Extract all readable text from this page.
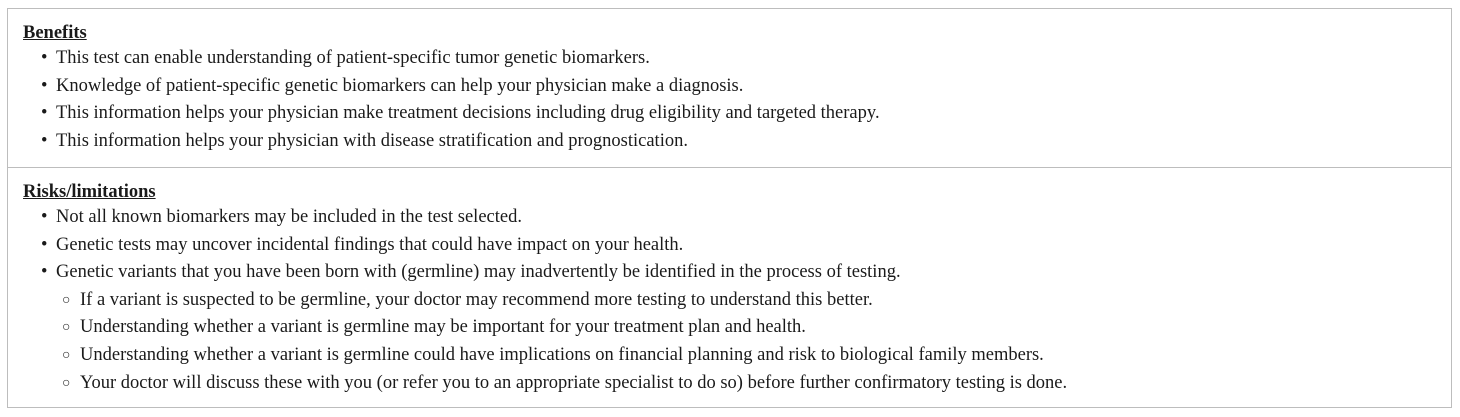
Benefits
• This test can enable understanding of patient-specific tumor genetic biomarkers.
• Knowledge of patient-specific genetic biomarkers can help your physician make a diagnosis.
• This information helps your physician make treatment decisions including drug eligibility and targeted therapy.
• This information helps your physician with disease stratification and prognostication.
Risks/limitations
• Not all known biomarkers may be included in the test selected.
• Genetic tests may uncover incidental findings that could have impact on your health.
• Genetic variants that you have been born with (germline) may inadvertently be identified in the process of testing.
○ If a variant is suspected to be germline, your doctor may recommend more testing to understand this better.
○ Understanding whether a variant is germline may be important for your treatment plan and health.
○ Understanding whether a variant is germline could have implications on financial planning and risk to biological family members.
○ Your doctor will discuss these with you (or refer you to an appropriate specialist to do so) before further confirmatory testing is done.
